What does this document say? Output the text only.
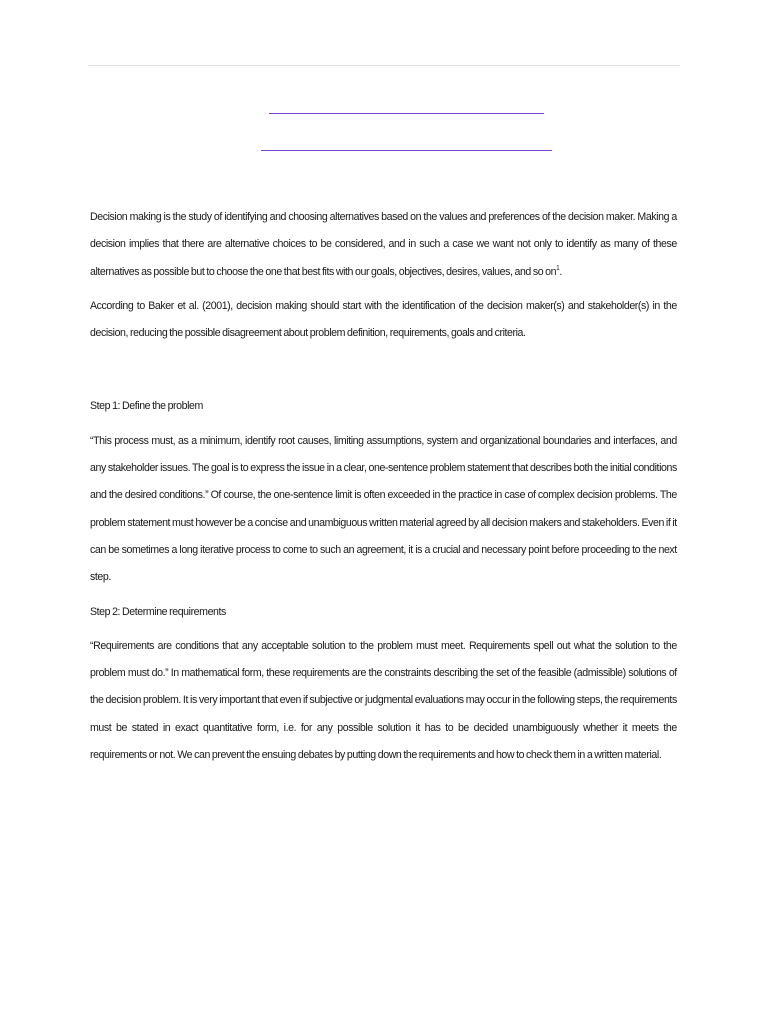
Decision making is the study of identifying and choosing alternatives based on the values and preferences of the decision maker. Making a decision implies that there are alternative choices to be considered, and in such a case we want not only to identify as many of these alternatives as possible but to choose the one that best fits with our goals, objectives, desires, values, and so $on^1$.

According to Baker et al. (2001), decision making should start with the identification of the decision maker(s) and stakeholder(s) in the decision, reducing the possible disagreement about problem definition, requirements, goals and criteria.

Step 1: Define the problem

“This process must, as a minimum, identify root causes, limiting assumptions, system and organizational boundaries and interfaces, and any stakeholder issues. The goal is to express the issue in a clear, one-sentence problem statement that describes both the initial conditions and the desired conditions.” Of course, the one-sentence limit is often exceeded in the practice in case of complex decision problems. The problem statement must however be a concise and unambiguous written material agreed by all decision makers and stakeholders. Even if it can be sometimes a long iterative process to come to such an agreement, it is a crucial and necessary point before proceeding to the next step.

Step 2: Determine requirements

“Requirements are conditions that any acceptable solution to the problem must meet. Requirements spell out what the solution to the problem must do.” In mathematical form, these requirements are the constraints describing the set of the feasible (admissible) solutions of the decision problem. It is very important that even if subjective or judgmental evaluations may occur in the following steps, the requirements must be stated in exact quantitative form, i.e. for any possible solution it has to be decided unambiguously whether it meets the requirements or not. We can prevent the ensuing debates by putting down the requirements and how to check them in a written material.
